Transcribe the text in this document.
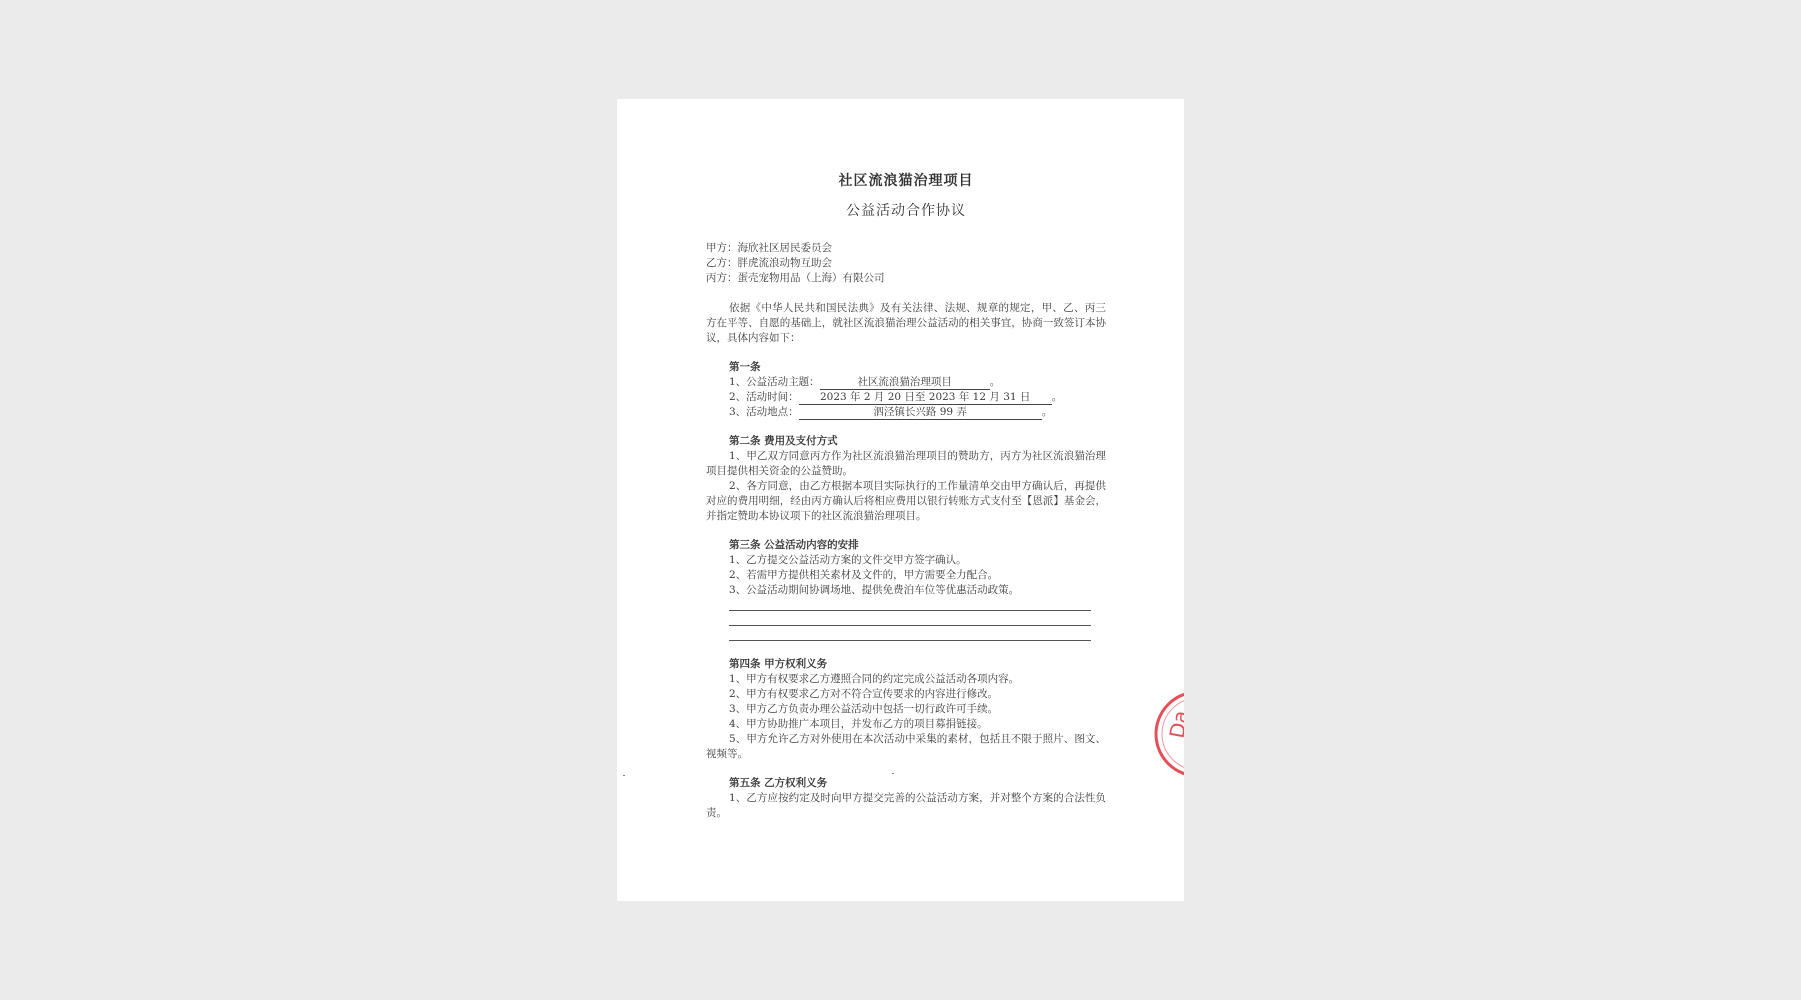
社区流浪猫治理项目

公益活动合作协议

甲方：海欣社区居民委员会

乙方：胖虎流浪动物互助会

丙方：蛋壳宠物用品（上海）有限公司

依据《中华人民共和国民法典》及有关法律、法规、规章的规定，甲、乙、丙三方在平等、自愿的基础上，就社区流浪猫治理公益活动的相关事宜，协商一致签订本协议，具体内容如下：

第一条

1、公益活动主题：	社区流浪猫治理项目	。

2、活动时间： 2023 年 2 月 20 日至 2023 年 12 月 31 日 。

3、活动地点：	泗泾镇长兴路 99 弄	。

第二条 费用及支付方式

1、甲乙双方同意丙方作为社区流浪猫治理项目的赞助方，丙方为社区流浪猫治理项目提供相关资金的公益赞助。

2、各方同意，由乙方根据本项目实际执行的工作量清单交由甲方确认后，再提供对应的费用明细，经由丙方确认后将相应费用以银行转账方式支付至【恩派】基金会，并指定赞助本协议项下的社区流浪猫治理项目。

第三条 公益活动内容的安排

1、乙方提交公益活动方案的文件交甲方签字确认。

2、若需甲方提供相关素材及文件的，甲方需要全力配合。

3、公益活动期间协调场地、提供免费泊车位等优惠活动政策。

第四条 甲方权利义务

1、甲方有权要求乙方遵照合同的约定完成公益活动各项内容。

2、甲方有权要求乙方对不符合宣传要求的内容进行修改。

3、甲方乙方负责办理公益活动中包括一切行政许可手续。

4、甲方协助推广本项目，并发布乙方的项目募捐链接。

5、甲方允许乙方对外使用在本次活动中采集的素材，包括且不限于照片、图文、视频等。

第五条 乙方权利义务

1、乙方应按约定及时向甲方提交完善的公益活动方案，并对整个方案的合法性负责。

Da
